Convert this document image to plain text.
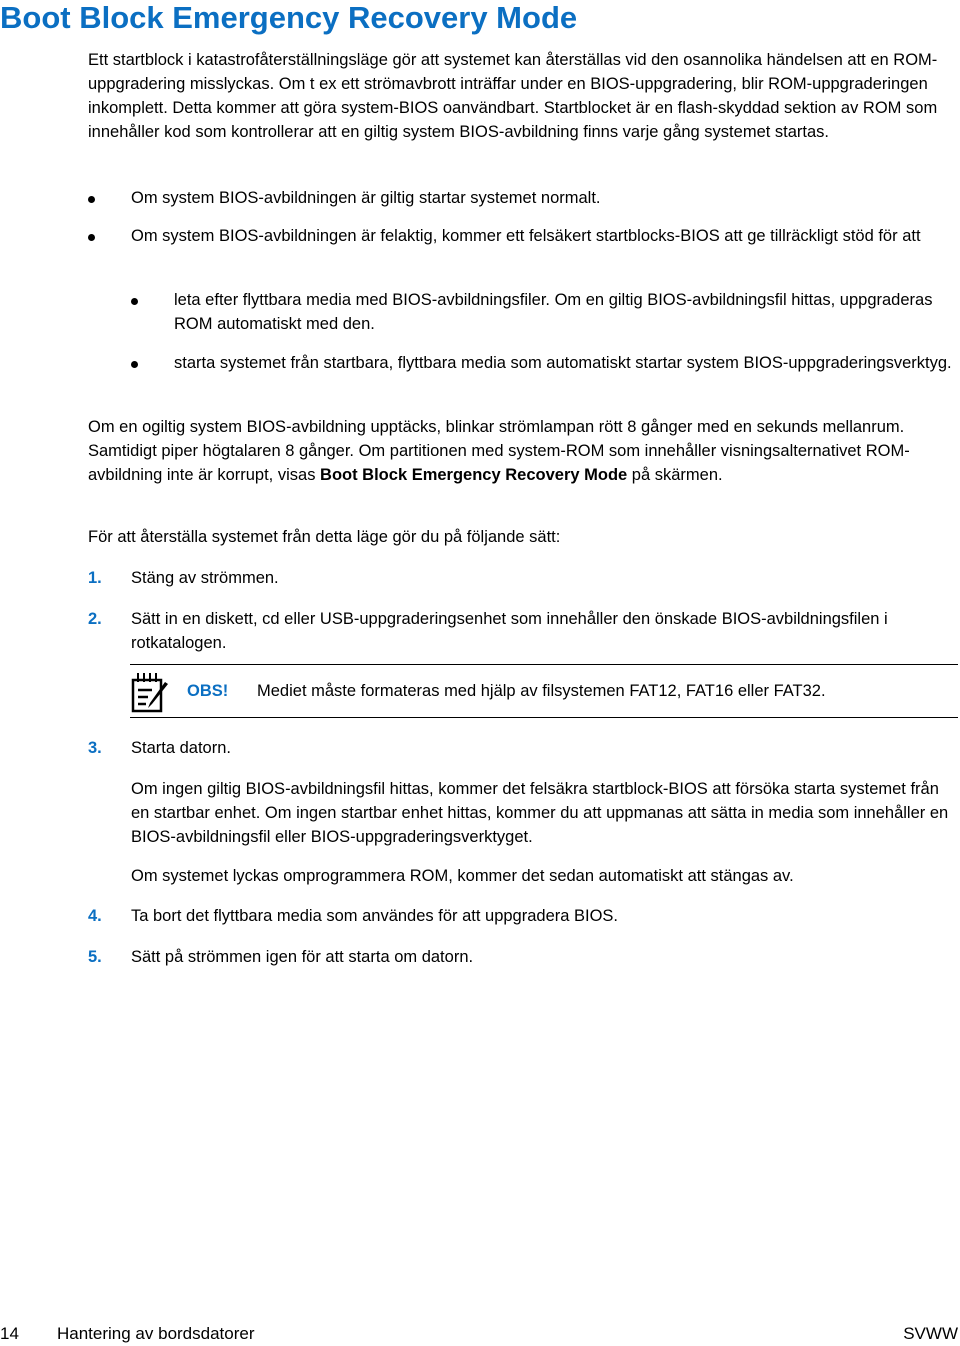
Boot Block Emergency Recovery Mode

Ett startblock i katastrofåterställningsläge gör att systemet kan återställas vid den osannolika händelsen att en ROM-uppgradering misslyckas. Om t ex ett strömavbrott inträffar under en BIOS-uppgradering, blir ROM-uppgraderingen inkomplett. Detta kommer att göra system-BIOS oanvändbart. Startblocket är en flash-skyddad sektion av ROM som innehåller kod som kontrollerar att en giltig system BIOS-avbildning finns varje gång systemet startas.

Om system BIOS-avbildningen är giltig startar systemet normalt.

Om system BIOS-avbildningen är felaktig, kommer ett felsäkert startblocks-BIOS att ge tillräckligt stöd för att

leta efter flyttbara media med BIOS-avbildningsfiler. Om en giltig BIOS-avbildningsfil hittas, uppgraderas ROM automatiskt med den.

starta systemet från startbara, flyttbara media som automatiskt startar system BIOS-uppgraderingsverktyg.

Om en ogiltig system BIOS-avbildning upptäcks, blinkar strömlampan rött 8 gånger med en sekunds mellanrum. Samtidigt piper högtalaren 8 gånger. Om partitionen med system-ROM som innehåller visningsalternativet ROM-avbildning inte är korrupt, visas Boot Block Emergency Recovery Mode på skärmen.

För att återställa systemet från detta läge gör du på följande sätt:

1. Stäng av strömmen.

2. Sätt in en diskett, cd eller USB-uppgraderingsenhet som innehåller den önskade BIOS-avbildningsfilen i rotkatalogen.

OBS! Mediet måste formateras med hjälp av filsystemen FAT12, FAT16 eller FAT32.

3. Starta datorn.

Om ingen giltig BIOS-avbildningsfil hittas, kommer det felsäkra startblock-BIOS att försöka starta systemet från en startbar enhet. Om ingen startbar enhet hittas, kommer du att uppmanas att sätta in media som innehåller en BIOS-avbildningsfil eller BIOS-uppgraderingsverktyget.

Om systemet lyckas omprogrammera ROM, kommer det sedan automatiskt att stängas av.

4. Ta bort det flyttbara media som användes för att uppgradera BIOS.

5. Sätt på strömmen igen för att starta om datorn.

14 Hantering av bordsdatorer	SVWW
